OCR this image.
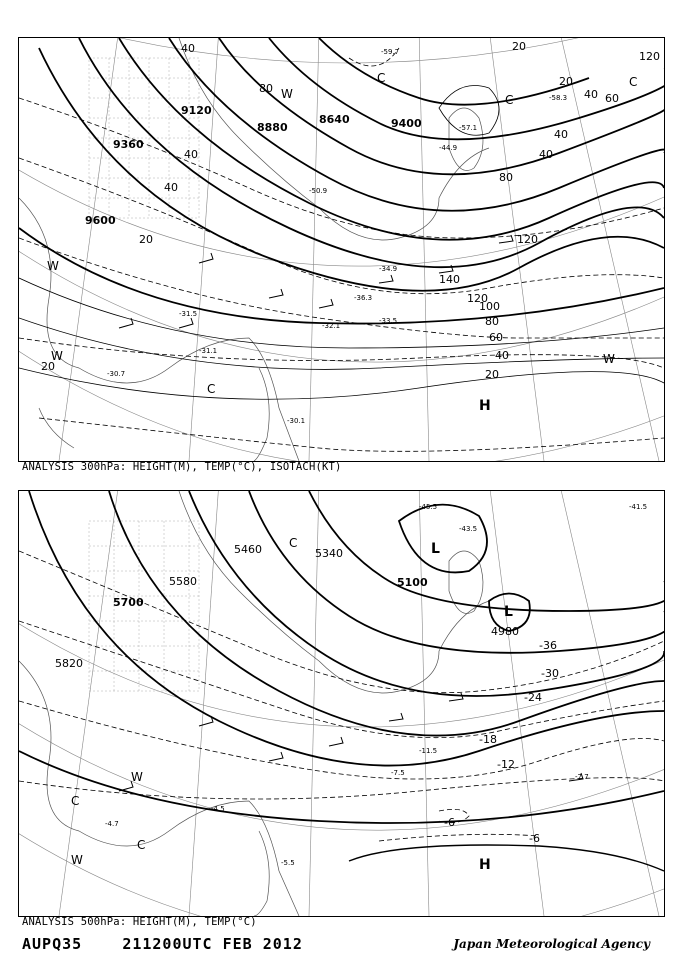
9600
9360
9120
8880
8640	9400
40
80
40
20	120
140
120
100
80
60
40
20
40
80
40
20
20
40
60
20
40
120
-31.5
-32.1
-33.5
-36.3
-34.9
-31.1
-30.7
-30.1
-59.7
-58.3
-57.1
-50.9
-44.9
W
W
W
C
C
C
C
W
H
ANALYSIS 300hPa: HEIGHT(M), TEMP(°C), ISOTACH(KT)
5820
5700
5580
5460	5340
5100
4980
-36
-30
-24
-18
-12
-6
-6
-43.5
-41.5
-45.5
-11.5
-7.5	-7.7
-5.5
-4.5
-4.7
C	L
L
W
C
W
C
H
ANALYSIS 500hPa: HEIGHT(M), TEMP(°C)
AUPQ35	211200UTC FEB 2012	Japan Meteorological Agency
